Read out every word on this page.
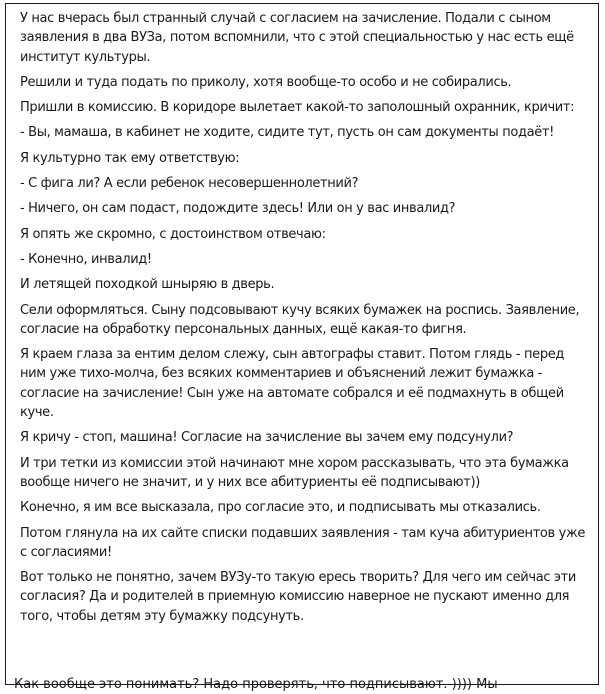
У нас вчерась был странный случай с согласием на зачисление. Подали с сыном заявления в два ВУЗа, потом вспомнили, что с этой специальностью у нас есть ещё институт культуры.

Решили и туда подать по приколу, хотя вообще-то особо и не собирались.

Пришли в комиссию. В коридоре вылетает какой-то заполошный охранник, кричит:

- Вы, мамаша, в кабинет не ходите, сидите тут, пусть он сам документы подаёт!

Я культурно так ему ответствую:

- С фига ли? А если ребенок несовершеннолетний?

- Ничего, он сам подаст, подождите здесь! Или он у вас инвалид?

Я опять же скромно, с достоинством отвечаю:

- Конечно, инвалид!

И летящей походкой шныряю в дверь.

Сели оформляться. Сыну подсовывают кучу всяких бумажек на роспись. Заявление, согласие на обработку персональных данных, ещё какая-то фигня.

Я краем глаза за ентим делом слежу, сын автографы ставит. Потом глядь - перед ним уже тихо-молча, без всяких комментариев и объяснений лежит бумажка - согласие на зачисление! Сын уже на автомате собрался и её подмахнуть в общей куче.

Я кричу - стоп, машина! Согласие на зачисление вы зачем ему подсунули?

И три тетки из комиссии этой начинают мне хором рассказывать, что эта бумажка вообще ничего не значит, и у них все абитуриенты её подписывают))

Конечно, я им все высказала, про согласие это, и подписывать мы отказались.

Потом глянула на их сайте списки подавших заявления - там куча абитуриентов уже с согласиями!

Вот только не понятно, зачем ВУЗу-то такую ересь творить? Для чего им сейчас эти согласия? Да и родителей в приемную комиссию наверное не пускают именно для того, чтобы детям эту бумажку подсунуть.

Как вообще это понимать? Надо проверять, что подписывают. )))) Мы
